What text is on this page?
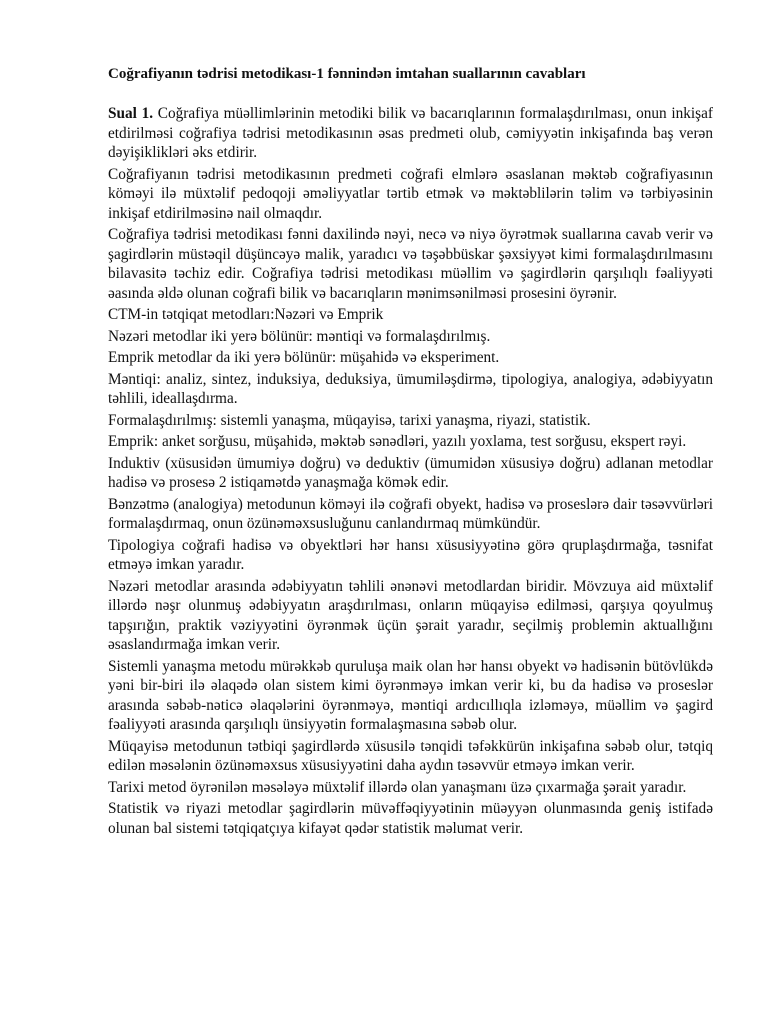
Coğrafiyanın tədrisi metodikası-1 fənnindən imtahan suallarının cavabları

Sual 1. Coğrafiya müəllimlərinin metodiki bilik və bacarıqlarının formalaşdırılması, onun inkişaf etdirilməsi coğrafiya tədrisi metodikasının əsas predmeti olub, cəmiyyətin inkişafında baş verən dəyişiklikləri əks etdirir.

Coğrafiyanın tədrisi metodikasının predmeti coğrafi elmlərə əsaslanan məktəb coğrafiyasının köməyi ilə müxtəlif pedoqoji əməliyyatlar tərtib etmək və məktəblilərin təlim və tərbiyəsinin inkişaf etdirilməsinə nail olmaqdır.

Coğrafiya tədrisi metodikası fənni daxilində nəyi, necə və niyə öyrətmək suallarına cavab verir və şagirdlərin müstəqil düşüncəyə malik, yaradıcı və təşəbbüskar şəxsiyyət kimi formalaşdırılmasını bilavasitə təchiz edir. Coğrafiya tədrisi metodikası müəllim və şagirdlərin qarşılıqlı fəaliyyəti əasında əldə olunan coğrafi bilik və bacarıqların mənimsənilməsi prosesini öyrənir.

CTM-in tətqiqat metodları:Nəzəri və Emprik

Nəzəri metodlar iki yerə bölünür: məntiqi və formalaşdırılmış.

Emprik metodlar da iki yerə bölünür: müşahidə və eksperiment.

Məntiqi: analiz, sintez, induksiya, deduksiya, ümumiləşdirmə, tipologiya, analogiya, ədəbiyyatın təhlili, ideallaşdırma.

Formalaşdırılmış: sistemli yanaşma, müqayisə, tarixi yanaşma, riyazi, statistik.

Emprik: anket sorğusu, müşahidə, məktəb sənədləri, yazılı yoxlama, test sorğusu, ekspert rəyi.

Induktiv (xüsusidən ümumiyə doğru) və deduktiv (ümumidən xüsusiyə doğru) adlanan metodlar hadisə və prosesə 2 istiqamətdə yanaşmağa kömək edir.

Bənzətmə (analogiya) metodunun köməyi ilə coğrafi obyekt, hadisə və proseslərə dair təsəvvürləri formalaşdırmaq, onun özünəməxsusluğunu canlandırmaq mümkündür.

Tipologiya coğrafi hadisə və obyektləri hər hansı xüsusiyyətinə görə qruplaşdırmağa, təsnifat etməyə imkan yaradır.

Nəzəri metodlar arasında ədəbiyyatın təhlili ənənəvi metodlardan biridir. Mövzuya aid müxtəlif illərdə nəşr olunmuş ədəbiyyatın araşdırılması, onların müqayisə edilməsi, qarşıya qoyulmuş tapşırığın, praktik vəziyyətini öyrənmək üçün şərait yaradır, seçilmiş problemin aktuallığını əsaslandırmağa imkan verir.

Sistemli yanaşma metodu mürəkkəb quruluşa maik olan hər hansı obyekt və hadisənin bütövlükdə yəni bir-biri ilə əlaqədə olan sistem kimi öyrənməyə imkan verir ki, bu da hadisə və proseslər arasında səbəb-nəticə əlaqələrini öyrənməyə, məntiqi ardıcıllıqla izləməyə, müəllim və şagird fəaliyyəti arasında qarşılıqlı ünsiyyətin formalaşmasına səbəb olur.

Müqayisə metodunun tətbiqi şagirdlərdə xüsusilə tənqidi təfəkkürün inkişafına səbəb olur, tətqiq edilən məsələnin özünəməxsus xüsusiyyətini daha aydın təsəvvür etməyə imkan verir.

Tarixi metod öyrənilən məsələyə müxtəlif illərdə olan yanaşmanı üzə çıxarmağa şərait yaradır.

Statistik və riyazi metodlar şagirdlərin müvəffəqiyyətinin müəyyən olunmasında geniş istifadə olunan bal sistemi tətqiqatçıya kifayət qədər statistik məlumat verir.
